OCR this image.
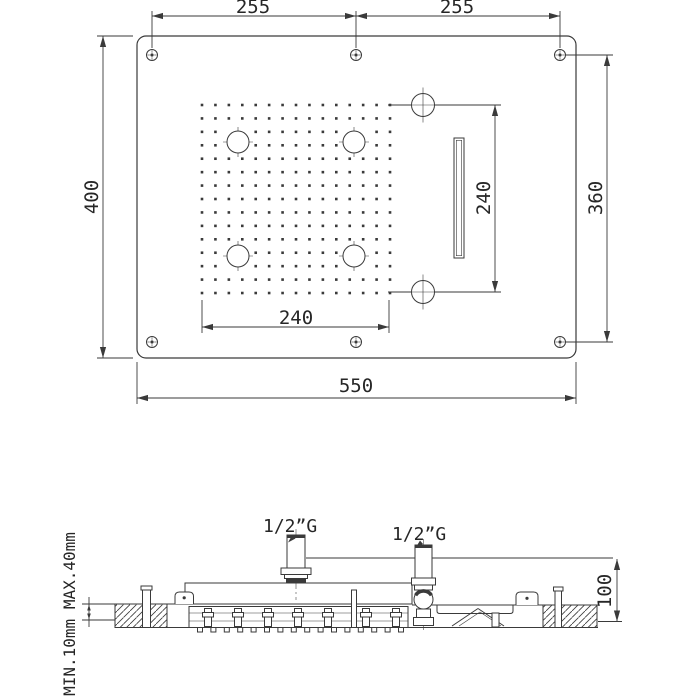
255	255
400	360
240
240
550
1/2”G	1/2”G
MIN.10mm MAX.40mm	100
